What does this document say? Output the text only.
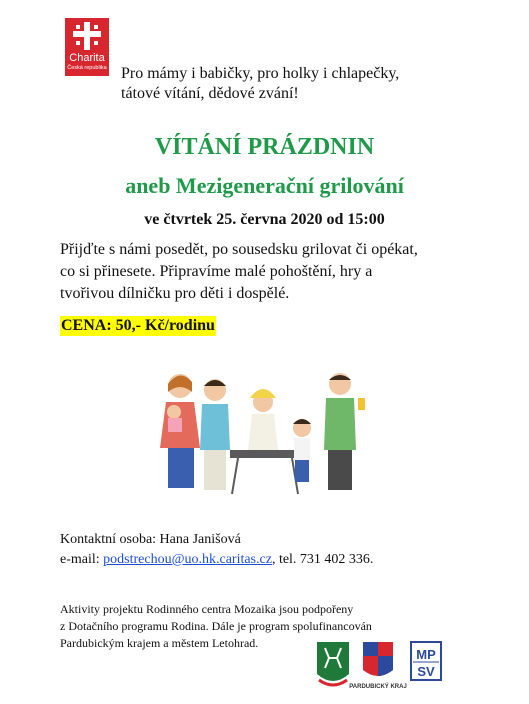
Charita
Česká republika Pro mámy i babičky, pro holky i chlapečky,
tátové vítání, dědové zvání!
VÍTÁNÍ PRÁZDNIN
aneb Mezigenerační grilování
ve čtvrtek 25. června 2020 od 15:00
Přijďte s námi posedět, po sousedsku grilovat či opékat,
co si přinesete. Připravíme malé pohoštění, hry a
tvořivou dílničku pro děti i dospělé.
CENA: 50,- Kč/rodinu
Kontaktní osoba: Hana Janišová
e-mail: podstrechou@uo.hk.caritas.cz, tel. 731 402 336.
Aktivity projektu Rodinného centra Mozaika jsou podpořeny
z Dotačního programu Rodina. Dále je program spolufinancován
Pardubickým krajem a městem Letohrad.
PARDUBICKÝ KRAJ
MP
SV
